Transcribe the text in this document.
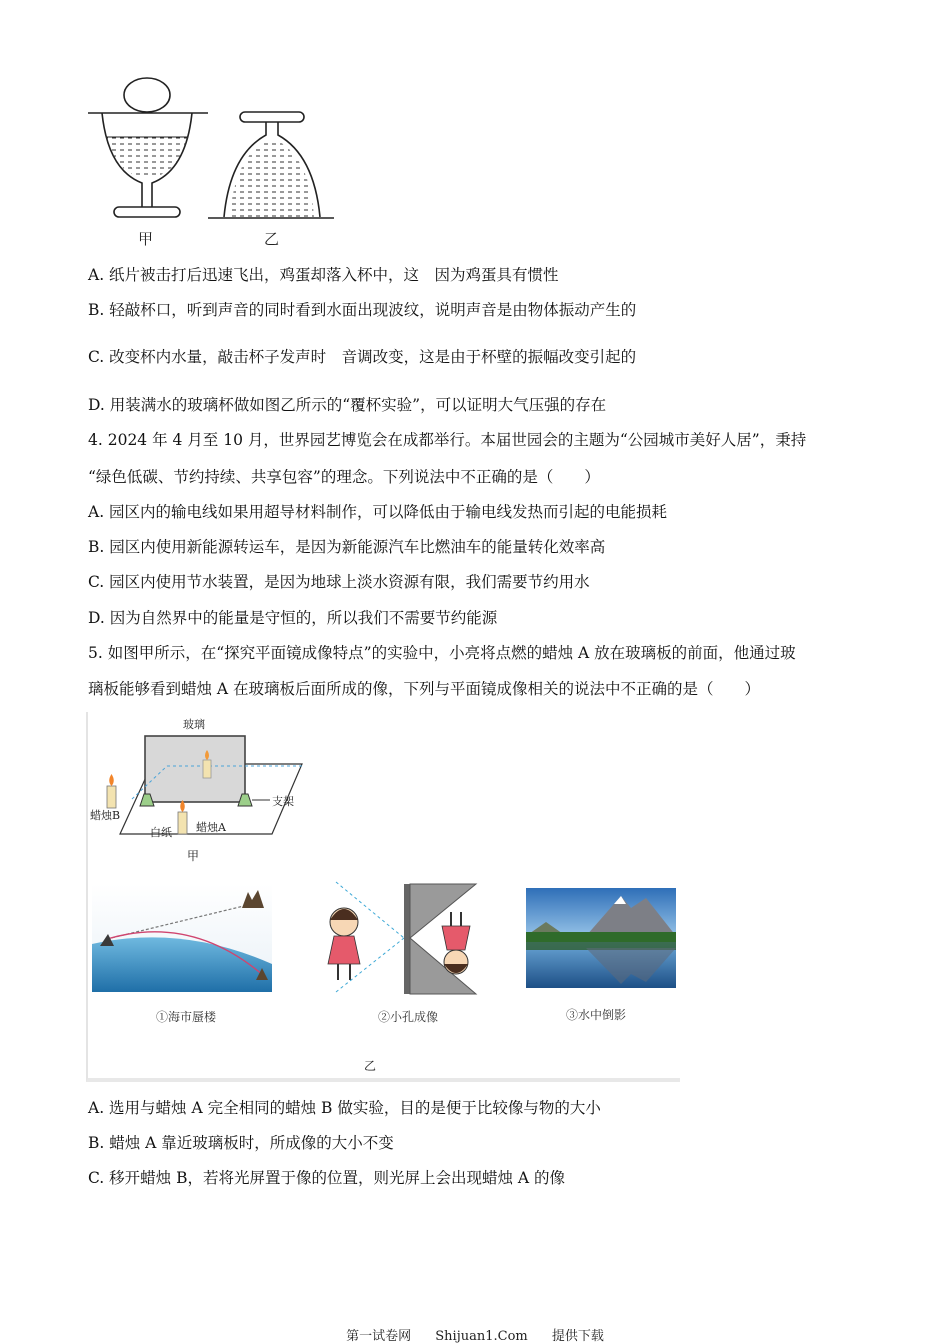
甲	乙
A. 纸片被击打后迅速飞出，鸡蛋却落入杯中，这　因为鸡蛋具有惯性
B. 轻敲杯口，听到声音的同时看到水面出现波纹，说明声音是由物体振动产生的
C. 改变杯内水量，敲击杯子发声时　音调改变，这是由于杯壁的振幅改变引起的
D. 用装满水的玻璃杯做如图乙所示的“覆杯实验”，可以证明大气压强的存在
4. 2024 年 4 月至 10 月，世界园艺博览会在成都举行。本届世园会的主题为“公园城市美好人居”，秉持
“绿色低碳、节约持续、共享包容”的理念。下列说法中不正确的是（　　）
A. 园区内的输电线如果用超导材料制作，可以降低由于输电线发热而引起的电能损耗
B. 园区内使用新能源转运车，是因为新能源汽车比燃油车的能量转化效率高
C. 园区内使用节水装置，是因为地球上淡水资源有限，我们需要节约用水
D. 因为自然界中的能量是守恒的，所以我们不需要节约能源
5. 如图甲所示，在“探究平面镜成像特点”的实验中，小亮将点燃的蜡烛 A 放在玻璃板的前面，他通过玻
璃板能够看到蜡烛 A 在玻璃板后面所成的像，下列与平面镜成像相关的说法中不正确的是（　　）
玻璃
蜡烛B
支架
白纸 蜡烛A
甲
①海市蜃楼	②小孔成像	③水中倒影
乙
A. 选用与蜡烛 A 完全相同的蜡烛 B 做实验，目的是便于比较像与物的大小
B. 蜡烛 A 靠近玻璃板时，所成像的大小不变
C. 移开蜡烛 B，若将光屏置于像的位置，则光屏上会出现蜡烛 A 的像
第一试卷网 Shijuan1.Com 提供下载
